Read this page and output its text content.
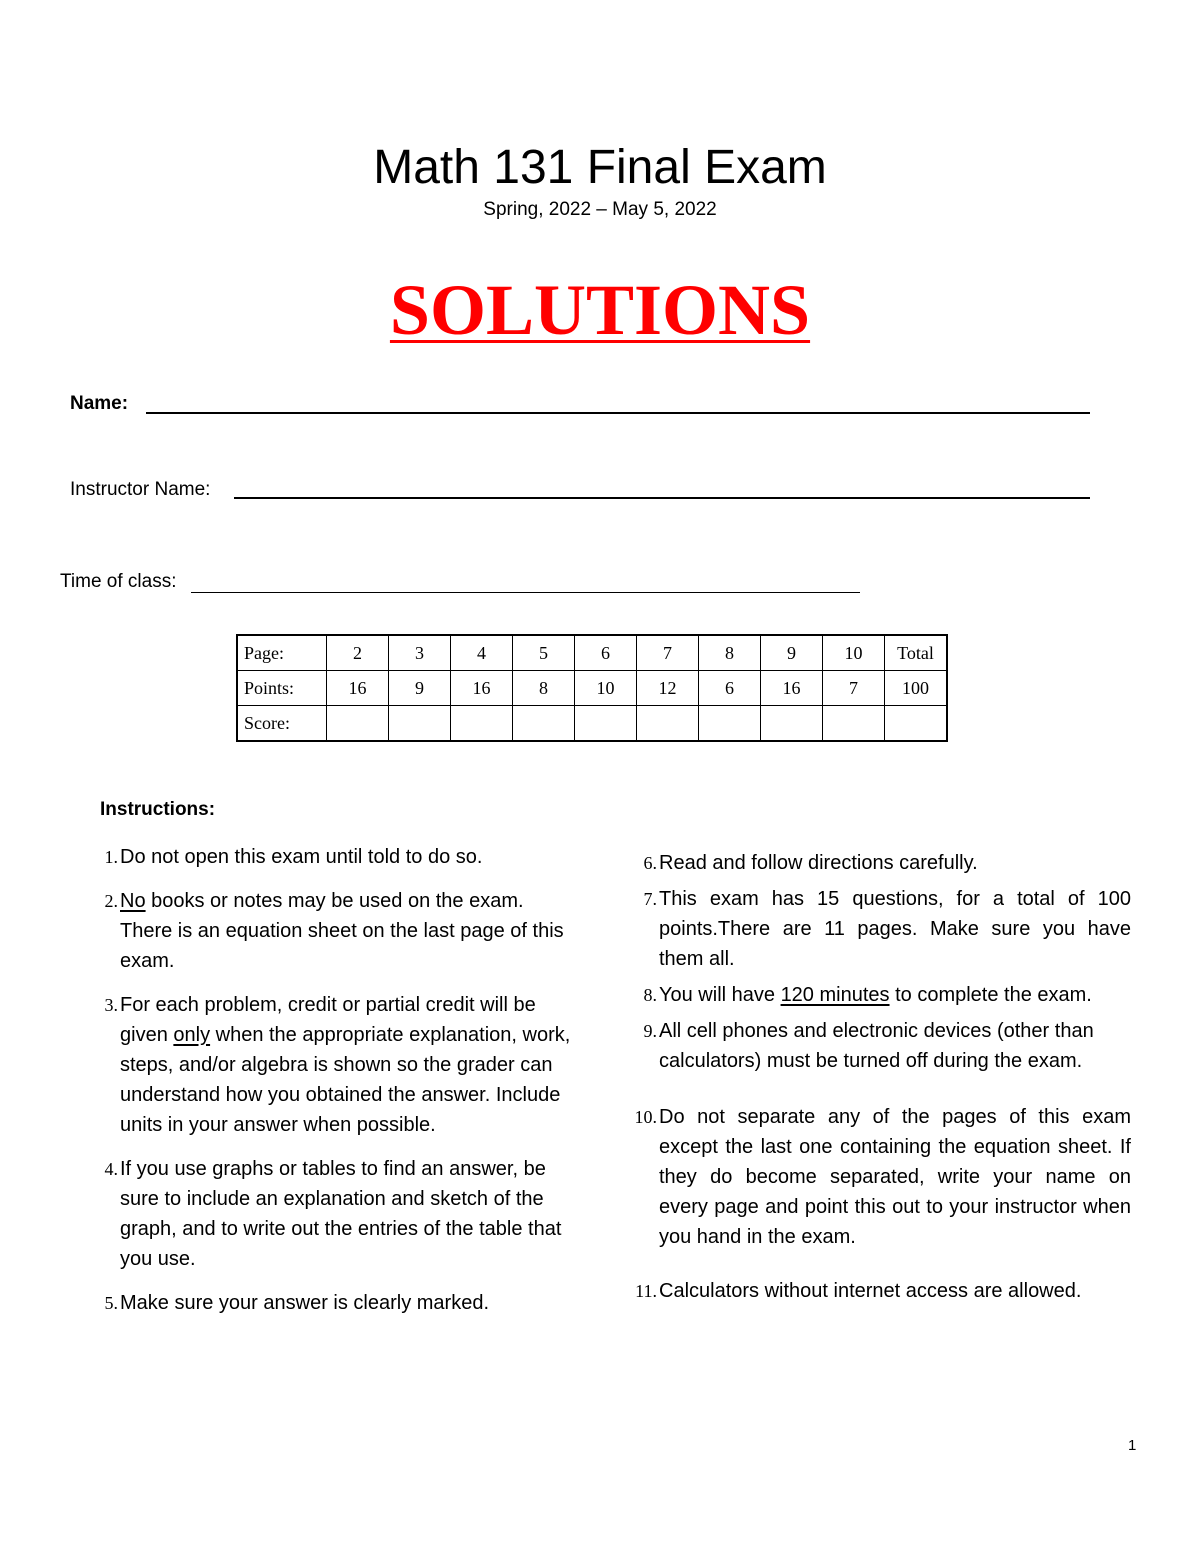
Math 131 Final Exam
Spring, 2022 – May 5, 2022
SOLUTIONS
Name:
Instructor Name:
Time of class:
Page:	2	3	4	5	6	7	8	9	10	Total
Points:	16	9	16	8	10	12	6	16	7	100
Score:										
Instructions:
1. Do not open this exam until told to do so.
2. No books or notes may be used on the exam. There is an equation sheet on the last page of this exam.
3. For each problem, credit or partial credit will be given only when the appropriate explanation, work, steps, and/or algebra is shown so the grader can understand how you obtained the answer. Include units in your answer when possible.
4. If you use graphs or tables to find an answer, be sure to include an explanation and sketch of the graph, and to write out the entries of the table that you use.
5. Make sure your answer is clearly marked.
6. Read and follow directions carefully.
7. This exam has 15 questions, for a total of 100 points.There are 11 pages. Make sure you have them all.
8. You will have 120 minutes to complete the exam.
9. All cell phones and electronic devices (other than calculators) must be turned off during the exam.
10. Do not separate any of the pages of this exam except the last one containing the equation sheet. If they do become separated, write your name on every page and point this out to your instructor when you hand in the exam.
11. Calculators without internet access are allowed.
1
